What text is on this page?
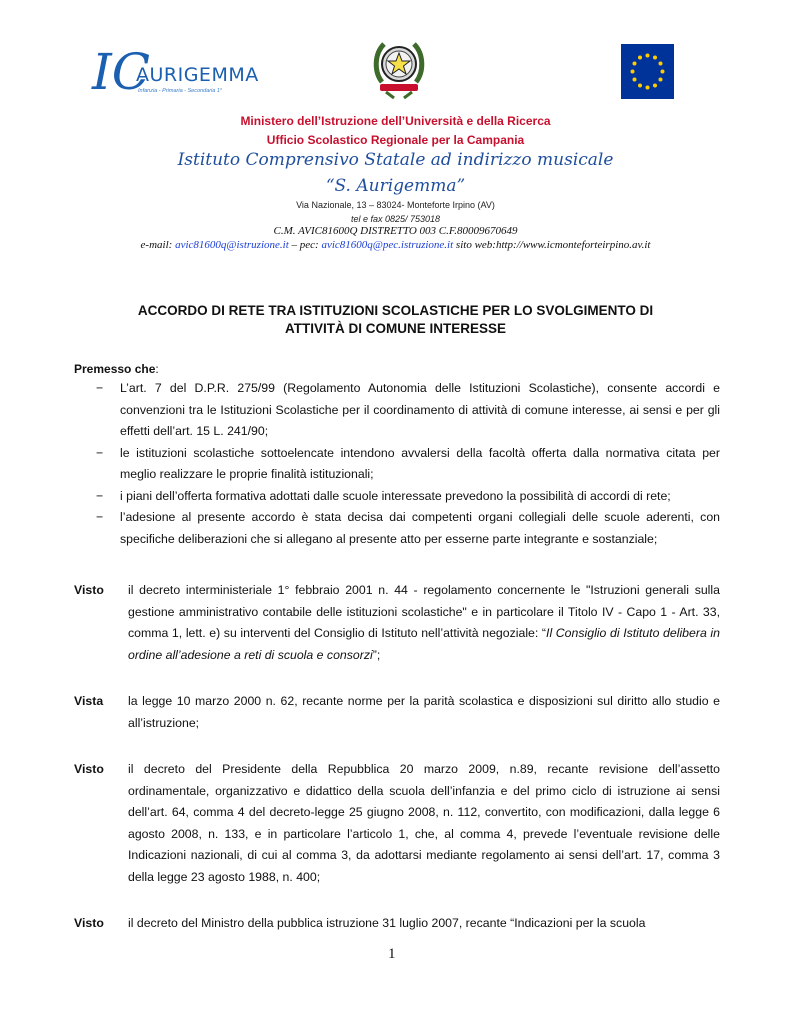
IC
AURIGEMMA
Infanzia - Primaria - Secondaria 1°
Ministero dell’Istruzione dell’Università e della Ricerca
Ufficio Scolastico Regionale per la Campania
Istituto Comprensivo Statale ad indirizzo musicale
“S. Aurigemma”
Via Nazionale, 13 – 83024- Monteforte Irpino (AV)
tel e fax 0825/ 753018
C.M. AVIC81600Q DISTRETTO 003 C.F.80009670649
e-mail: avic81600q@istruzione.it – pec: avic81600q@pec.istruzione.it sito web:http://www.icmonteforteirpino.av.it
ACCORDO DI RETE TRA ISTITUZIONI SCOLASTICHE PER LO SVOLGIMENTO DI
ATTIVITÀ DI COMUNE INTERESSE
Premesso che:
− L’art. 7 del D.P.R. 275/99 (Regolamento Autonomia delle Istituzioni Scolastiche), consente accordi e convenzioni tra le Istituzioni Scolastiche per il coordinamento di attività di comune interesse, ai sensi e per gli effetti dell’art. 15 L. 241/90;
− le istituzioni scolastiche sottoelencate intendono avvalersi della facoltà offerta dalla normativa citata per meglio realizzare le proprie finalità istituzionali;
− i piani dell’offerta formativa adottati dalle scuole interessate prevedono la possibilità di accordi di rete;
− l’adesione al presente accordo è stata decisa dai competenti organi collegiali delle scuole aderenti, con specifiche deliberazioni che si allegano al presente atto per esserne parte integrante e sostanziale;
Visto il decreto interministeriale 1° febbraio 2001 n. 44 - regolamento concernente le "Istruzioni generali sulla gestione amministrativo contabile delle istituzioni scolastiche" e in particolare il Titolo IV - Capo 1 - Art. 33, comma 1, lett. e) su interventi del Consiglio di Istituto nell’attività negoziale: “Il Consiglio di Istituto delibera in ordine all’adesione a reti di scuola e consorzi”;
Vista la legge 10 marzo 2000 n. 62, recante norme per la parità scolastica e disposizioni sul diritto allo studio e all’istruzione;
Visto il decreto del Presidente della Repubblica 20 marzo 2009, n.89, recante revisione dell’assetto ordinamentale, organizzativo e didattico della scuola dell’infanzia e del primo ciclo di istruzione ai sensi dell’art. 64, comma 4 del decreto-legge 25 giugno 2008, n. 112, convertito, con modificazioni, dalla legge 6 agosto 2008, n. 133, e in particolare l’articolo 1, che, al comma 4, prevede l’eventuale revisione delle Indicazioni nazionali, di cui al comma 3, da adottarsi mediante regolamento ai sensi dell’art. 17, comma 3 della legge 23 agosto 1988, n. 400;
Visto il decreto del Ministro della pubblica istruzione 31 luglio 2007, recante “Indicazioni per la scuola
1
